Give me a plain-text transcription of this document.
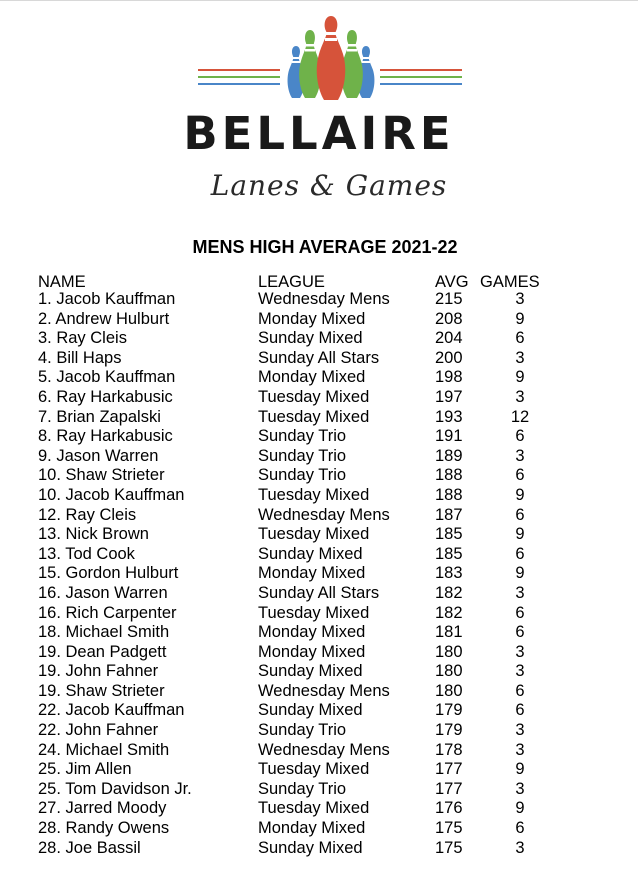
BELLAIRE
Lanes & Games
MENS HIGH AVERAGE 2021-22
NAME	LEAGUE	AVG GAMES
1. Jacob Kauffman	Wednesday Mens	215	3
2. Andrew Hulburt	Monday Mixed	208	9
3. Ray Cleis	Sunday Mixed	204	6
4. Bill Haps	Sunday All Stars	200	3
5. Jacob Kauffman	Monday Mixed	198	9
6. Ray Harkabusic	Tuesday Mixed	197	3
7. Brian Zapalski	Tuesday Mixed	193	12
8. Ray Harkabusic	Sunday Trio	191	6
9. Jason Warren	Sunday Trio	189	3
10. Shaw Strieter	Sunday Trio	188	6
10. Jacob Kauffman	Tuesday Mixed	188	9
12. Ray Cleis	Wednesday Mens	187	6
13. Nick Brown	Tuesday Mixed	185	9
13. Tod Cook	Sunday Mixed	185	6
15. Gordon Hulburt	Monday Mixed	183	9
16. Jason Warren	Sunday All Stars	182	3
16. Rich Carpenter	Tuesday Mixed	182	6
18. Michael Smith	Monday Mixed	181	6
19. Dean Padgett	Monday Mixed	180	3
19. John Fahner	Sunday Mixed	180	3
19. Shaw Strieter	Wednesday Mens	180	6
22. Jacob Kauffman	Sunday Mixed	179	6
22. John Fahner	Sunday Trio	179	3
24. Michael Smith	Wednesday Mens	178	3
25. Jim Allen	Tuesday Mixed	177	9
25. Tom Davidson Jr.	Sunday Trio	177	3
27. Jarred Moody	Tuesday Mixed	176	9
28. Randy Owens	Monday Mixed	175	6
28. Joe Bassil	Sunday Mixed	175	3
